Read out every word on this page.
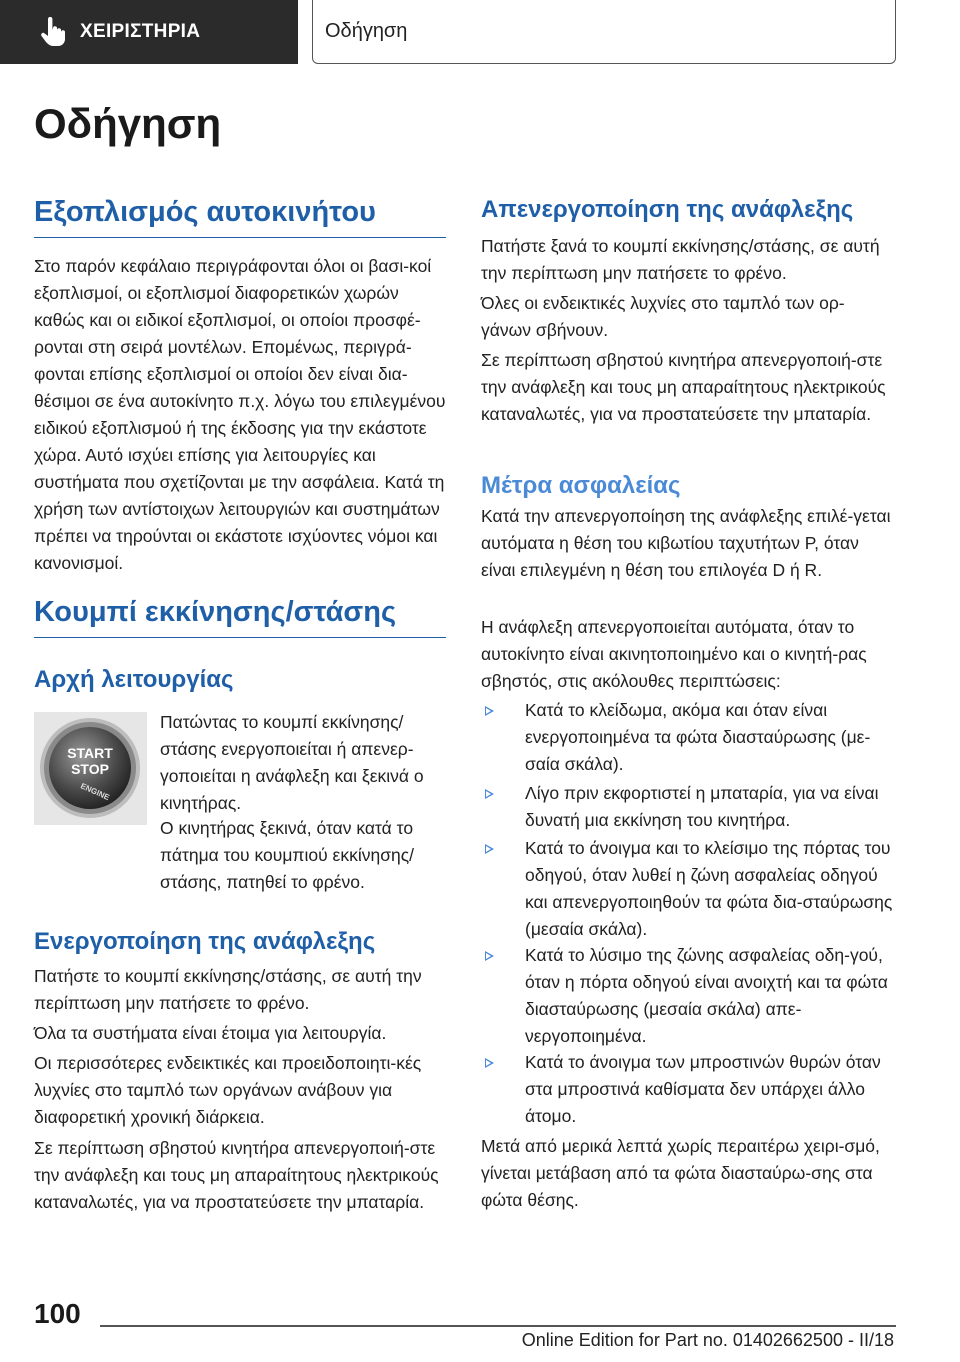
ΧΕΙΡΙΣΤΗΡΙΑ	Οδήγηση
Οδήγηση
Εξοπλισμός αυτοκινήτου

Στο παρόν κεφάλαιο περιγράφονται όλοι οι βασι-κοί εξοπλισμοί, οι εξοπλισμοί διαφορετικών χωρών καθώς και οι ειδικοί εξοπλισμοί, οι οποίοι προσφέ-ρονται στη σειρά μοντέλων. Επομένως, περιγρά-φονται επίσης εξοπλισμοί οι οποίοι δεν είναι δια-θέσιμοι σε ένα αυτοκίνητο π.χ. λόγω του επιλεγμένου ειδικού εξοπλισμού ή της έκδοσης για την εκάστοτε χώρα. Αυτό ισχύει επίσης για λειτουργίες και συστήματα που σχετίζονται με την ασφάλεια. Κατά τη χρήση των αντίστοιχων λειτουργιών και συστημάτων πρέπει να τηρούνται οι εκάστοτε ισχύοντες νόμοι και κανονισμοί.

Κουμπί εκκίνησης/στάσης
Αρχή λειτουργίας
START
STOP
ENGINE

Πατώντας το κουμπί εκκίνησης/ στάσης ενεργοποιείται ή απενερ-γοποιείται η ανάφλεξη και ξεκινά ο κινητήρας.

Ο κινητήρας ξεκινά, όταν κατά το πάτημα του κουμπιού εκκίνησης/στάσης, πατηθεί το φρένο.

Ενεργοποίηση της ανάφλεξης

Πατήστε το κουμπί εκκίνησης/στάσης, σε αυτή την περίπτωση μην πατήσετε το φρένο.

Όλα τα συστήματα είναι έτοιμα για λειτουργία.

Οι περισσότερες ενδεικτικές και προειδοποιητι-κές λυχνίες στο ταμπλό των οργάνων ανάβουν για διαφορετική χρονική διάρκεια.

Σε περίπτωση σβηστού κινητήρα απενεργοποιή-στε την ανάφλεξη και τους μη απαραίτητους ηλεκτρικούς καταναλωτές, για να προστατεύσετε την μπαταρία.

Απενεργοποίηση της ανάφλεξης

Πατήστε ξανά το κουμπί εκκίνησης/στάσης, σε αυτή την περίπτωση μην πατήσετε το φρένο.

Όλες οι ενδεικτικές λυχνίες στο ταμπλό των ορ-γάνων σβήνουν.

Σε περίπτωση σβηστού κινητήρα απενεργοποιή-στε την ανάφλεξη και τους μη απαραίτητους ηλεκτρικούς καταναλωτές, για να προστατεύσετε την μπαταρία.

Μέτρα ασφαλείας

Κατά την απενεργοποίηση της ανάφλεξης επιλέ-γεται αυτόματα η θέση του κιβωτίου ταχυτήτων P, όταν είναι επιλεγμένη η θέση του επιλογέα D ή R.

Η ανάφλεξη απενεργοποιείται αυτόματα, όταν το αυτοκίνητο είναι ακινητοποιημένο και ο κινητή-ρας σβηστός, στις ακόλουθες περιπτώσεις:

Κατά το κλείδωμα, ακόμα και όταν είναι ενεργοποιημένα τα φώτα διασταύρωσης (με-σαία σκάλα).
Λίγο πριν εκφορτιστεί η μπαταρία, για να είναι δυνατή μια εκκίνηση του κινητήρα.
Κατά το άνοιγμα και το κλείσιμο της πόρτας του οδηγού, όταν λυθεί η ζώνη ασφαλείας οδηγού και απενεργοποιηθούν τα φώτα δια-σταύρωσης (μεσαία σκάλα).
Κατά το λύσιμο της ζώνης ασφαλείας οδη-γού, όταν η πόρτα οδηγού είναι ανοιχτή και τα φώτα διασταύρωσης (μεσαία σκάλα) απε-νεργοποιημένα.
Κατά το άνοιγμα των μπροστινών θυρών όταν στα μπροστινά καθίσματα δεν υπάρχει άλλο άτομο.

Μετά από μερικά λεπτά χωρίς περαιτέρω χειρι-σμό, γίνεται μετάβαση από τα φώτα διασταύρω-σης στα φώτα θέσης.

100
Online Edition for Part no. 01402662500 - II/18
